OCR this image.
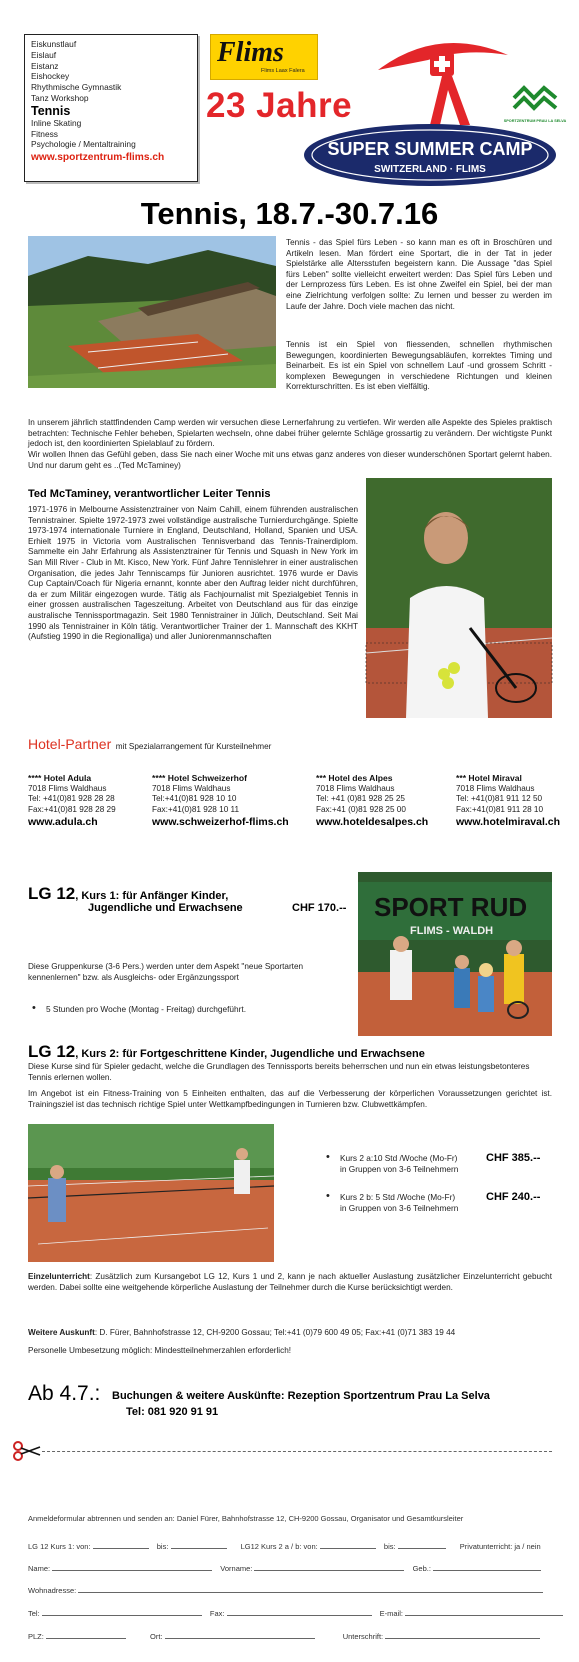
Eiskunstlauf
Eislauf
Eistanz
Eishockey
Rhythmische Gymnastik
Tanz Workshop
Tennis
Inline Skating
Fitness
Psychologie / Mentaltraining
www.sportzentrum-flims.ch
Flims
Flims Laax Falera
23 Jahre
SUPER SUMMER CAMP
SWITZERLAND · FLIMS
SPORTZENTRUM PRAU LA SELVA
Tennis, 18.7.-30.7.16
Tennis - das Spiel fürs Leben - so kann man es oft in Broschüren und Artikeln lesen. Man fördert eine Sportart, die in der Tat in jeder Spielstärke alle Altersstufen begeistern kann. Die Aussage "das Spiel fürs Leben" sollte vielleicht erweitert werden: Das Spiel fürs Leben und der Lernprozess fürs Leben. Es ist ohne Zweifel ein Spiel, bei der man eine Zielrichtung verfolgen sollte: Zu lernen und besser zu werden im Laufe der Jahre. Doch viele machen das nicht.
Tennis ist ein Spiel von fliessenden, schnellen rhythmischen Bewegungen, koordinierten Bewegungsabläufen, korrektes Timing und Beinarbeit. Es ist ein Spiel von schnellem Lauf -und grossem Schritt - komplexen Bewegungen in verschiedene Richtungen und kleinen Korrekturschritten. Es ist eben vielfältig.
In unserem jährlich stattfindenden Camp werden wir versuchen diese Lernerfahrung zu vertiefen. Wir werden alle Aspekte des Spieles praktisch betrachten: Technische Fehler beheben, Spielarten wechseln, ohne dabei früher gelernte Schläge grossartig zu verändern. Der wichtigste Punkt jedoch ist, den koordinierten Spielablauf zu fördern.
Wir wollen Ihnen das Gefühl geben, dass Sie nach einer Woche mit uns etwas ganz anderes von dieser wunderschönen Sportart gelernt haben. Und nur darum geht es ..(Ted McTaminey)
Ted McTaminey, verantwortlicher Leiter Tennis
1971-1976 in Melbourne Assistenztrainer von Naim Cahill, einem führenden australischen Tennistrainer. Spielte 1972-1973 zwei vollständige australische Turnierdurchgänge. Spielte 1973-1974 internationale Turniere in England, Deutschland, Holland, Spanien und USA. Erhielt 1975 in Victoria vom Australischen Tennisverband das Tennis-Trainerdiplom. Sammelte ein Jahr Erfahrung als Assistenztrainer für Tennis und Squash in New York im San Mill River - Club in Mt. Kisco, New York. Fünf Jahre Tennislehrer in einer australischen Organisation, die jedes Jahr Tenniscamps für Junioren ausrichtet. 1976 wurde er Davis Cup Captain/Coach für Nigeria ernannt, konnte aber den Auftrag leider nicht durchführen, da er zum Militär eingezogen wurde. Tätig als Fachjournalist mit Spezialgebiet Tennis in einer grossen australischen Tageszeitung. Arbeitet von Deutschland aus für das einzige australische Tennissportmagazin. Seit 1980 Tennistrainer in Jülich, Deutschland. Seit Mai 1990 als Tennistrainer in Köln tätig. Verantwortlicher Trainer der 1. Mannschaft des KKHT (Aufstieg 1990 in die Regionalliga) und aller Juniorenmannschaften
Hotel-Partner mit Spezialarrangement für Kursteilnehmer
**** Hotel Adula
7018 Flims Waldhaus
Tel: +41(0)81 928 28 28
Fax:+41(0)81 928 28 29
www.adula.ch
**** Hotel Schweizerhof
7018 Flims Waldhaus
Tel:+41(0)81 928 10 10
Fax:+41(0)81 928 10 11
www.schweizerhof-flims.ch
*** Hotel des Alpes
7018 Flims Waldhaus
Tel: +41 (0)81 928 25 25
Fax:+41 (0)81 928 25 00
www.hoteldesalpes.ch
*** Hotel Miraval
7018 Flims Waldhaus
Tel: +41(0)81 911 12 50
Fax:+41(0)81 911 28 10
www.hotelmiraval.ch
LG 12, Kurs 1: für Anfänger Kinder,
Jugendliche und Erwachsene	CHF 170.--
Diese Gruppenkurse (3-6 Pers.) werden unter dem Aspekt "neue Sportarten kennenlernen" bzw. als Ausgleichs- oder Ergänzungssport
• 5 Stunden pro Woche (Montag - Freitag) durchgeführt.
SPORT RUD
FLIMS - WALDH
LG 12, Kurs 2: für Fortgeschrittene Kinder, Jugendliche und Erwachsene
Diese Kurse sind für Spieler gedacht, welche die Grundlagen des Tennissports bereits beherrschen und nun ein etwas leistungsbetonteres Tennis erlernen wollen.
Im Angebot ist ein Fitness-Training von 5 Einheiten enthalten, das auf die Verbesserung der körperlichen Voraussetzungen gerichtet ist. Trainingsziel ist das technisch richtige Spiel unter Wettkampfbedingungen in Turnieren bzw. Clubwettkämpfen.
• Kurs 2 a:10 Std /Woche (Mo-Fr)
in Gruppen von 3-6 Teilnehmern
CHF 385.--
• Kurs 2 b: 5 Std /Woche (Mo-Fr)
in Gruppen von 3-6 Teilnehmern
CHF 240.--
Einzelunterricht: Zusätzlich zum Kursangebot LG 12, Kurs 1 und 2, kann je nach aktueller Auslastung zusätzlicher Einzelunterricht gebucht werden. Dabei sollte eine weitgehende körperliche Auslastung der Teilnehmer durch die Kurse berücksichtigt werden.
Weitere Auskunft: D. Fürer, Bahnhofstrasse 12, CH-9200 Gossau; Tel:+41 (0)79 600 49 05; Fax:+41 (0)71 383 19 44
Personelle Umbesetzung möglich: Mindestteilnehmerzahlen erforderlich!
Ab 4.7.: Buchungen & weitere Auskünfte: Rezeption Sportzentrum Prau La Selva
Tel: 081 920 91 91
Anmeldeformular abtrennen und senden an: Daniel Fürer, Bahnhofstrasse 12, CH-9200 Gossau, Organisator und Gesamtkursleiter
LG 12 Kurs 1: von:	bis:	LG12 Kurs 2 a / b: von:	bis:	Privatunterricht: ja / nein
Name:	Vorname:	Geb.:
Wohnadresse:
Tel:	Fax:	E-mail:
PLZ:	Ort:	Unterschrift:
